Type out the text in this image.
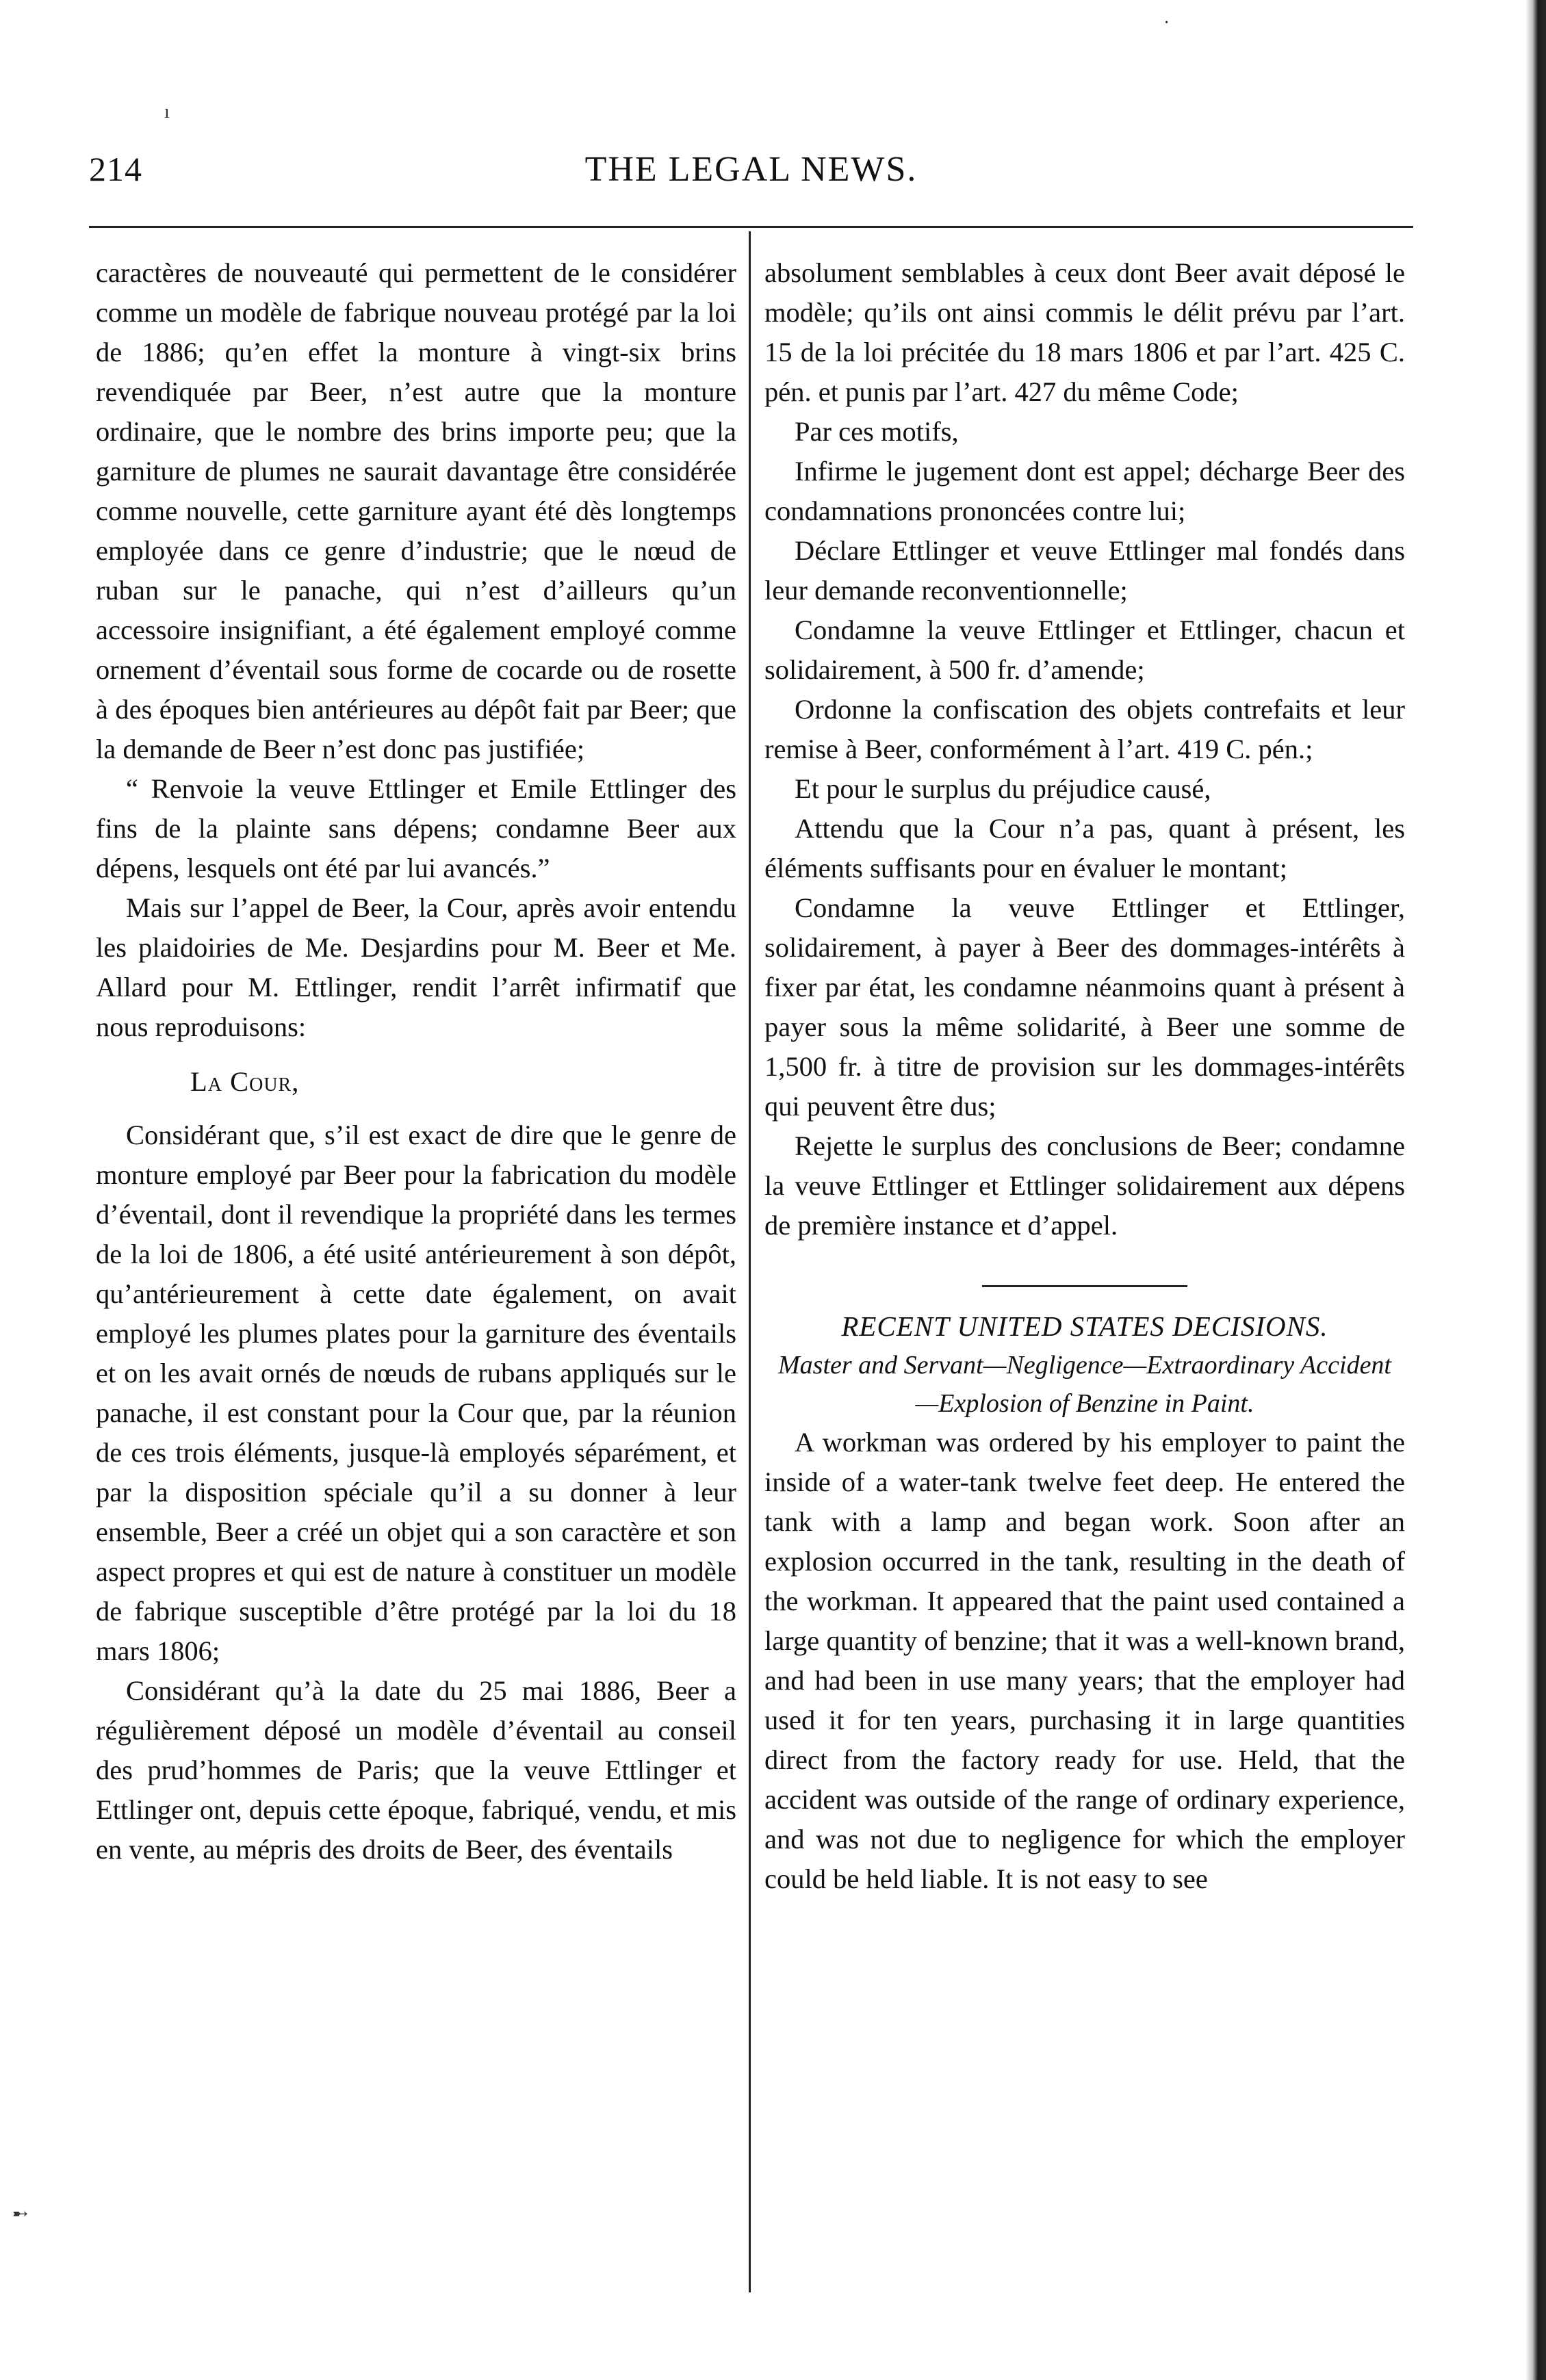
ı
·
➸
214	THE LEGAL NEWS.

caractères de nouveauté qui permettent de le considérer comme un modèle de fabrique nouveau protégé par la loi de 1886; qu’en effet la monture à vingt-six brins revendiquée par Beer, n’est autre que la monture ordinaire, que le nombre des brins importe peu; que la garniture de plumes ne saurait davantage être considérée comme nouvelle, cette garniture ayant été dès longtemps employée dans ce genre d’industrie; que le nœud de ruban sur le panache, qui n’est d’ailleurs qu’un accessoire insignifiant, a été également employé comme ornement d’éventail sous forme de cocarde ou de rosette à des époques bien antérieures au dépôt fait par Beer; que la demande de Beer n’est donc pas justifiée;

“ Renvoie la veuve Ettlinger et Emile Ettlinger des fins de la plainte sans dépens; condamne Beer aux dépens, lesquels ont été par lui avancés.”

Mais sur l’appel de Beer, la Cour, après avoir entendu les plaidoiries de Me. Desjardins pour M. Beer et Me. Allard pour M. Ettlinger, rendit l’arrêt infirmatif que nous reproduisons:

La Cour,

Considérant que, s’il est exact de dire que le genre de monture employé par Beer pour la fabrication du modèle d’éventail, dont il revendique la propriété dans les termes de la loi de 1806, a été usité antérieurement à son dépôt, qu’antérieurement à cette date également, on avait employé les plumes plates pour la garniture des éventails et on les avait ornés de nœuds de rubans appliqués sur le panache, il est constant pour la Cour que, par la réunion de ces trois éléments, jusque-là employés séparément, et par la disposition spéciale qu’il a su donner à leur ensemble, Beer a créé un objet qui a son caractère et son aspect propres et qui est de nature à constituer un modèle de fabrique susceptible d’être protégé par la loi du 18 mars 1806;

Considérant qu’à la date du 25 mai 1886, Beer a régulièrement déposé un modèle d’éventail au conseil des prud’hommes de Paris; que la veuve Ettlinger et Ettlinger ont, depuis cette époque, fabriqué, vendu, et mis en vente, au mépris des droits de Beer, des éventails

absolument semblables à ceux dont Beer avait déposé le modèle; qu’ils ont ainsi commis le délit prévu par l’art. 15 de la loi précitée du 18 mars 1806 et par l’art. 425 C. pén. et punis par l’art. 427 du même Code;

Par ces motifs,

Infirme le jugement dont est appel; décharge Beer des condamnations prononcées contre lui;

Déclare Ettlinger et veuve Ettlinger mal fondés dans leur demande reconventionnelle;

Condamne la veuve Ettlinger et Ettlinger, chacun et solidairement, à 500 fr. d’amende;

Ordonne la confiscation des objets contrefaits et leur remise à Beer, conformément à l’art. 419 C. pén.;

Et pour le surplus du préjudice causé,

Attendu que la Cour n’a pas, quant à présent, les éléments suffisants pour en évaluer le montant;

Condamne la veuve Ettlinger et Ettlinger, solidairement, à payer à Beer des dommages-intérêts à fixer par état, les condamne néanmoins quant à présent à payer sous la même solidarité, à Beer une somme de 1,500 fr. à titre de provision sur les dommages-intérêts qui peuvent être dus;

Rejette le surplus des conclusions de Beer; condamne la veuve Ettlinger et Ettlinger solidairement aux dépens de première instance et d’appel.

RECENT UNITED STATES DECISIONS.

Master and Servant—Negligence—Extraordinary Accident—Explosion of Benzine in Paint.

A workman was ordered by his employer to paint the inside of a water-tank twelve feet deep. He entered the tank with a lamp and began work. Soon after an explosion occurred in the tank, resulting in the death of the workman. It appeared that the paint used contained a large quantity of benzine; that it was a well-known brand, and had been in use many years; that the employer had used it for ten years, purchasing it in large quantities direct from the factory ready for use. Held, that the accident was outside of the range of ordinary experience, and was not due to negligence for which the employer could be held liable. It is not easy to see
